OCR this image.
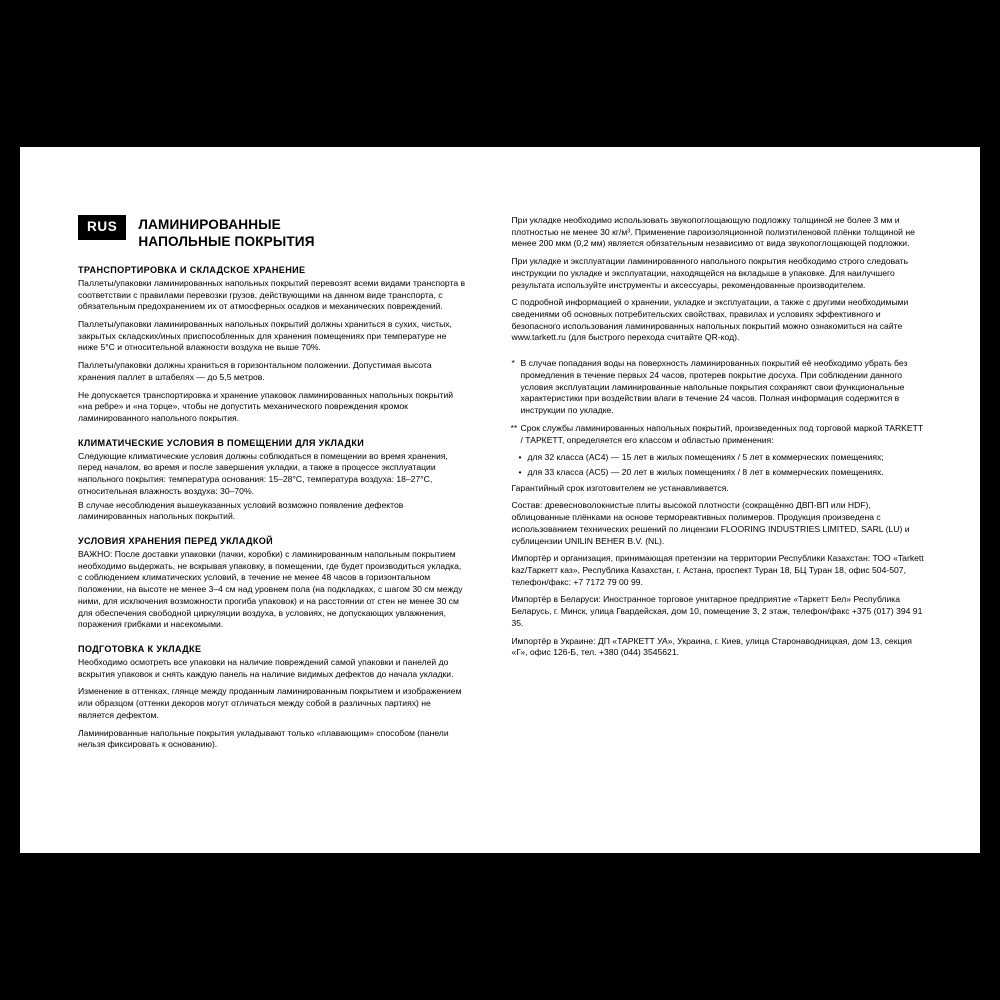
RUS	ЛАМИНИРОВАННЫЕ
НАПОЛЬНЫЕ ПОКРЫТИЯ
ТРАНСПОРТИРОВКА И СКЛАДСКОЕ ХРАНЕНИЕ

Паллеты/упаковки ламинированных напольных покрытий перевозят всеми видами транспорта в соответствии с правилами перевозки грузов, действующими на данном виде транспорта, с обязательным предохранением их от атмосферных осадков и механических повреждений.

Паллеты/упаковки ламинированных напольных покрытий должны храниться в сухих, чистых, закрытых складских/иных приспособленных для хранения помещениях при температуре не ниже 5°С и относительной влажности воздуха не выше 70%.

Паллеты/упаковки должны храниться в горизонтальном положении. Допустимая высота хранения паллет в штабелях — до 5,5 метров.

Не допускается транспортировка и хранение упаковок ламинированных напольных покрытий «на ребре» и «на торце», чтобы не допустить механического повреждения кромок ламинированного напольного покрытия.

КЛИМАТИЧЕСКИЕ УСЛОВИЯ В ПОМЕЩЕНИИ ДЛЯ УКЛАДКИ

Следующие климатические условия должны соблюдаться в помещении во время хранения, перед началом, во время и после завершения укладки, а также в процессе эксплуатации напольного покрытия: температура основания: 15–28°С, температура воздуха: 18–27°С, относительная влажность воздуха: 30–70%.

В случае несоблюдения вышеуказанных условий возможно появление дефектов ламинированных напольных покрытий.

УСЛОВИЯ ХРАНЕНИЯ ПЕРЕД УКЛАДКОЙ

ВАЖНО: После доставки упаковки (пачки, коробки) с ламинированным напольным покрытием необходимо выдержать, не вскрывая упаковку, в помещении, где будет производиться укладка, с соблюдением климатических условий, в течение не менее 48 часов в горизонтальном положении, на высоте не менее 3–4 см над уровнем пола (на подкладках, с шагом 30 см между ними, для исключения возможности прогиба упаковок) и на расстоянии от стен не менее 30 см для обеспечения свободной циркуляции воздуха, в условиях, не допускающих увлажнения, поражения грибками и насекомыми.

ПОДГОТОВКА К УКЛАДКЕ

Необходимо осмотреть все упаковки на наличие повреждений самой упаковки и панелей до вскрытия упаковок и снять каждую панель на наличие видимых дефектов до начала укладки.

Изменение в оттенках, глянце между проданным ламинированным покрытием и изображением или образцом (оттенки декоров могут отличаться между собой в различных партиях) не является дефектом.

Ламинированные напольные покрытия укладывают только «плавающим» способом (панели нельзя фиксировать к основанию).

При укладке необходимо использовать звукопоглощающую подложку толщиной не более 3 мм и плотностью не менее 30 кг/м³. Применение пароизоляционной полиэтиленовой плёнки толщиной не менее 200 мкм (0,2 мм) является обязательным независимо от вида звукопоглощающей подложки.

При укладке и эксплуатации ламинированного напольного покрытия необходимо строго следовать инструкции по укладке и эксплуатации, находящейся на вкладыше в упаковке. Для наилучшего результата используйте инструменты и аксессуары, рекомендованные производителем.

С подробной информацией о хранении, укладке и эксплуатации, а также с другими необходимыми сведениями об основных потребительских свойствах, правилах и условиях эффективного и безопасного использования ламинированных напольных покрытий можно ознакомиться на сайте www.tarkett.ru (для быстрого перехода считайте QR-код).

* В случае попадания воды на поверхность ламинированных покрытий её необходимо убрать без промедления в течение первых 24 часов, протерев покрытие досуха. При соблюдении данного условия эксплуатации ламинированные напольные покрытия сохраняют свои функциональные характеристики при воздействии влаги в течение 24 часов. Полная информация содержится в инструкции по укладке.
** Срок службы ламинированных напольных покрытий, произведенных под торговой маркой TARKETT / ТАРКЕТТ, определяется его классом и областью применения:
• для 32 класса (AC4) — 15 лет в жилых помещениях / 5 лет в коммерческих помещениях;
• для 33 класса (AC5) — 20 лет в жилых помещениях / 8 лет в коммерческих помещениях.

Гарантийный срок изготовителем не устанавливается.

Состав: древесноволокнистые плиты высокой плотности (сокращённо ДВП-ВП или HDF), облицованные плёнками на основе термореактивных полимеров. Продукция произведена с использованием технических решений по лицензии FLOORING INDUSTRIES LIMITED, SARL (LU) и сублицензии UNILIN BEHER B.V. (NL).

Импортёр и организация, принимающая претензии на территории Республики Казахстан: ТОО «Tarkett kaz/Таркетт каз», Республика Казахстан, г. Астана, проспект Туран 18, БЦ Туран 18, офис 504-507, телефон/факс: +7 7172 79 00 99.

Импортёр в Беларуси: Иностранное торговое унитарное предприятие «Таркетт Бел» Республика Беларусь, г. Минск, улица Гвардейская, дом 10, помещение 3, 2 этаж, телефон/факс +375 (017) 394 91 35.

Импортёр в Украине: ДП «ТАРКЕТТ УА», Украина, г. Киев, улица Старонаводницкая, дом 13, секция «Г», офис 126-Б, тел. +380 (044) 3545621.
